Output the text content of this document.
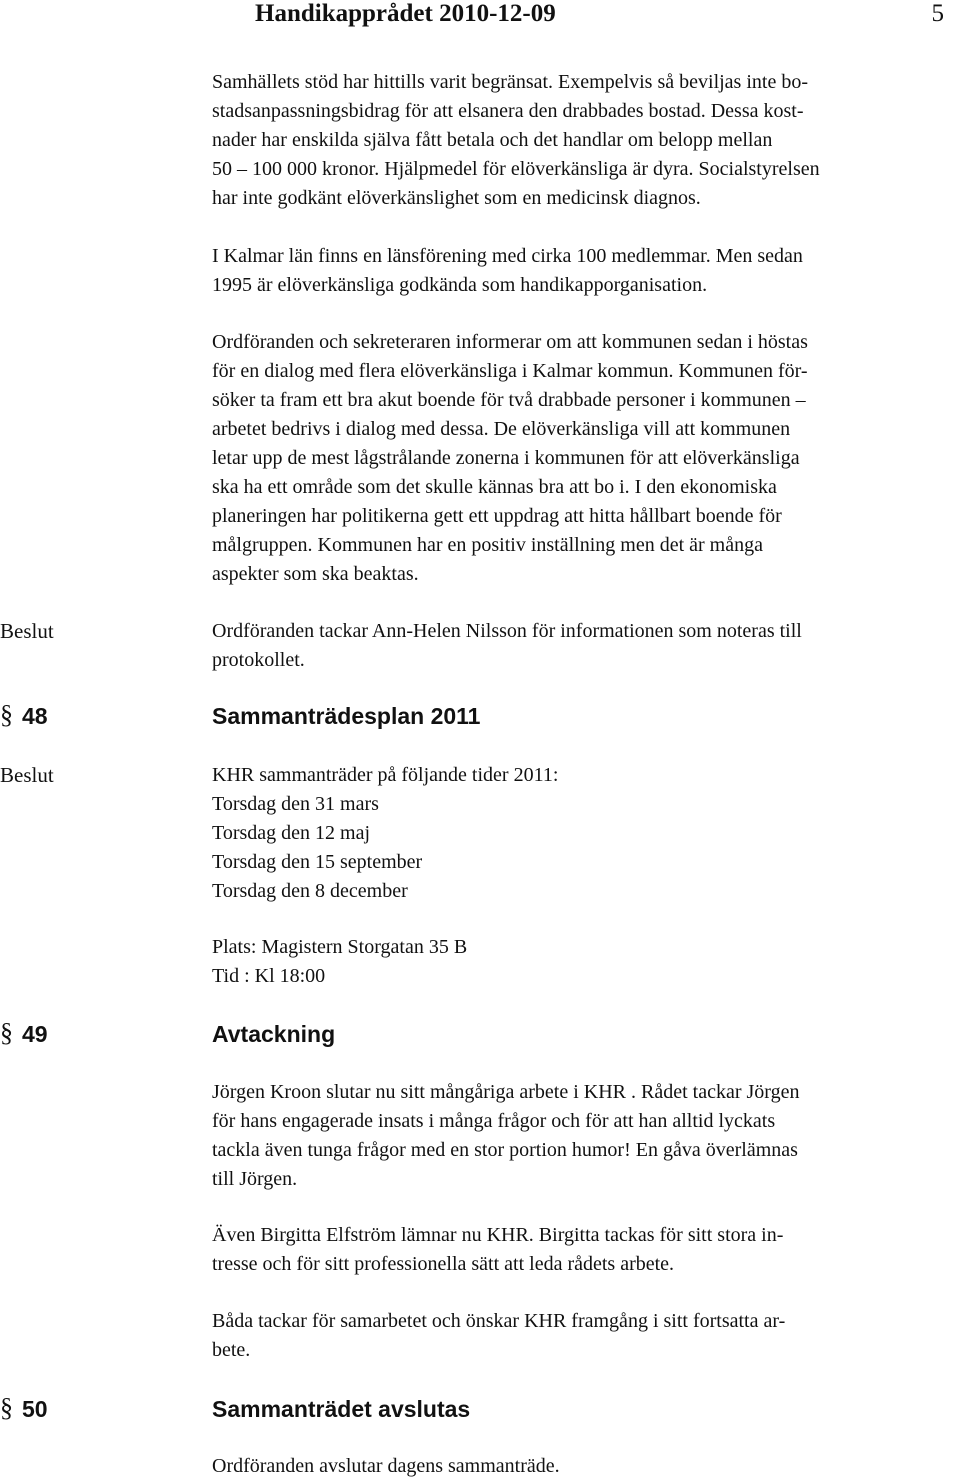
Handikapprådet 2010-12-09	5
Samhällets stöd har hittills varit begränsat. Exempelvis så beviljas inte bo-
stadsanpassningsbidrag för att elsanera den drabbades bostad. Dessa kost-
nader har enskilda själva fått betala och det handlar om belopp mellan
50 – 100 000 kronor. Hjälpmedel för elöverkänsliga är dyra. Socialstyrelsen
har inte godkänt elöverkänslighet som en medicinsk diagnos.
I Kalmar län finns en länsförening med cirka 100 medlemmar. Men sedan
1995 är elöverkänsliga godkända som handikapporganisation.
Ordföranden och sekreteraren informerar om att kommunen sedan i höstas
för en dialog med flera elöverkänsliga i Kalmar kommun. Kommunen för-
söker ta fram ett bra akut boende för två drabbade personer i kommunen –
arbetet bedrivs i dialog med dessa. De elöverkänsliga vill att kommunen
letar upp de mest lågstrålande zonerna i kommunen för att elöverkänsliga
ska ha ett område som det skulle kännas bra att bo i. I den ekonomiska
planeringen har politikerna gett ett uppdrag att hitta hållbart boende för
målgruppen. Kommunen har en positiv inställning men det är många
aspekter som ska beaktas.
Beslut	Ordföranden tackar Ann-Helen Nilsson för informationen som noteras till
protokollet.
§ 48	Sammanträdesplan 2011
Beslut	KHR sammanträder på följande tider 2011:
Torsdag den 31 mars
Torsdag den 12 maj
Torsdag den 15 september
Torsdag den 8 december
Plats: Magistern Storgatan 35 B
Tid : Kl 18:00
§ 49	Avtackning
Jörgen Kroon slutar nu sitt mångåriga arbete i KHR . Rådet tackar Jörgen
för hans engagerade insats i många frågor och för att han alltid lyckats
tackla även tunga frågor med en stor portion humor! En gåva överlämnas
till Jörgen.
Även Birgitta Elfström lämnar nu KHR. Birgitta tackas för sitt stora in-
tresse och för sitt professionella sätt att leda rådets arbete.
Båda tackar för samarbetet och önskar KHR framgång i sitt fortsatta ar-
bete.
§ 50	Sammanträdet avslutas
Ordföranden avslutar dagens sammanträde.
